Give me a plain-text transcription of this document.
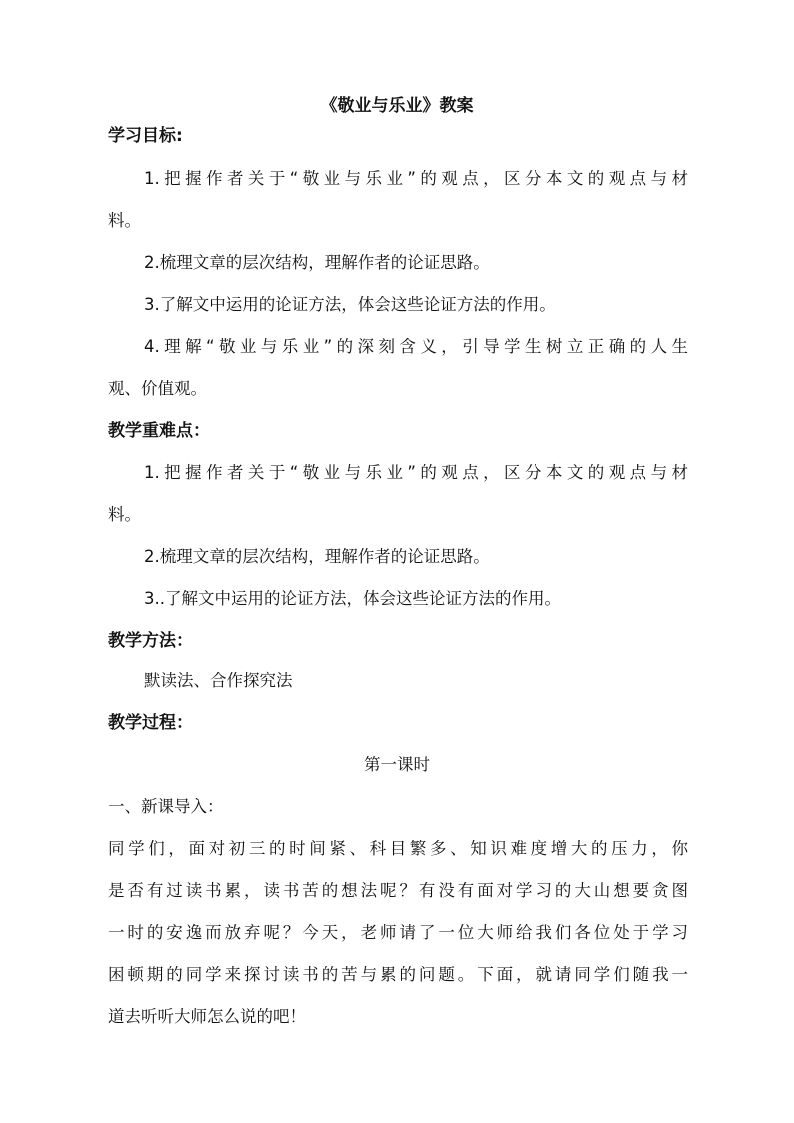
《敬业与乐业》教案
学习目标:
1.把握作者关于“敬业与乐业”的观点，区分本文的观点与材
料。
2.梳理文章的层次结构，理解作者的论证思路。
3.了解文中运用的论证方法，体会这些论证方法的作用。
4.理解“敬业与乐业”的深刻含义，引导学生树立正确的人生
观、价值观。
教学重难点：
1.把握作者关于“敬业与乐业”的观点，区分本文的观点与材
料。
2.梳理文章的层次结构，理解作者的论证思路。
3..了解文中运用的论证方法，体会这些论证方法的作用。
教学方法：
默读法、合作探究法
教学过程：
第一课时
一、新课导入：
同学们，面对初三的时间紧、科目繁多、知识难度增大的压力，你
是否有过读书累，读书苦的想法呢？有没有面对学习的大山想要贪图
一时的安逸而放弃呢？今天，老师请了一位大师给我们各位处于学习
困顿期的同学来探讨读书的苦与累的问题。下面，就请同学们随我一
道去听听大师怎么说的吧！
